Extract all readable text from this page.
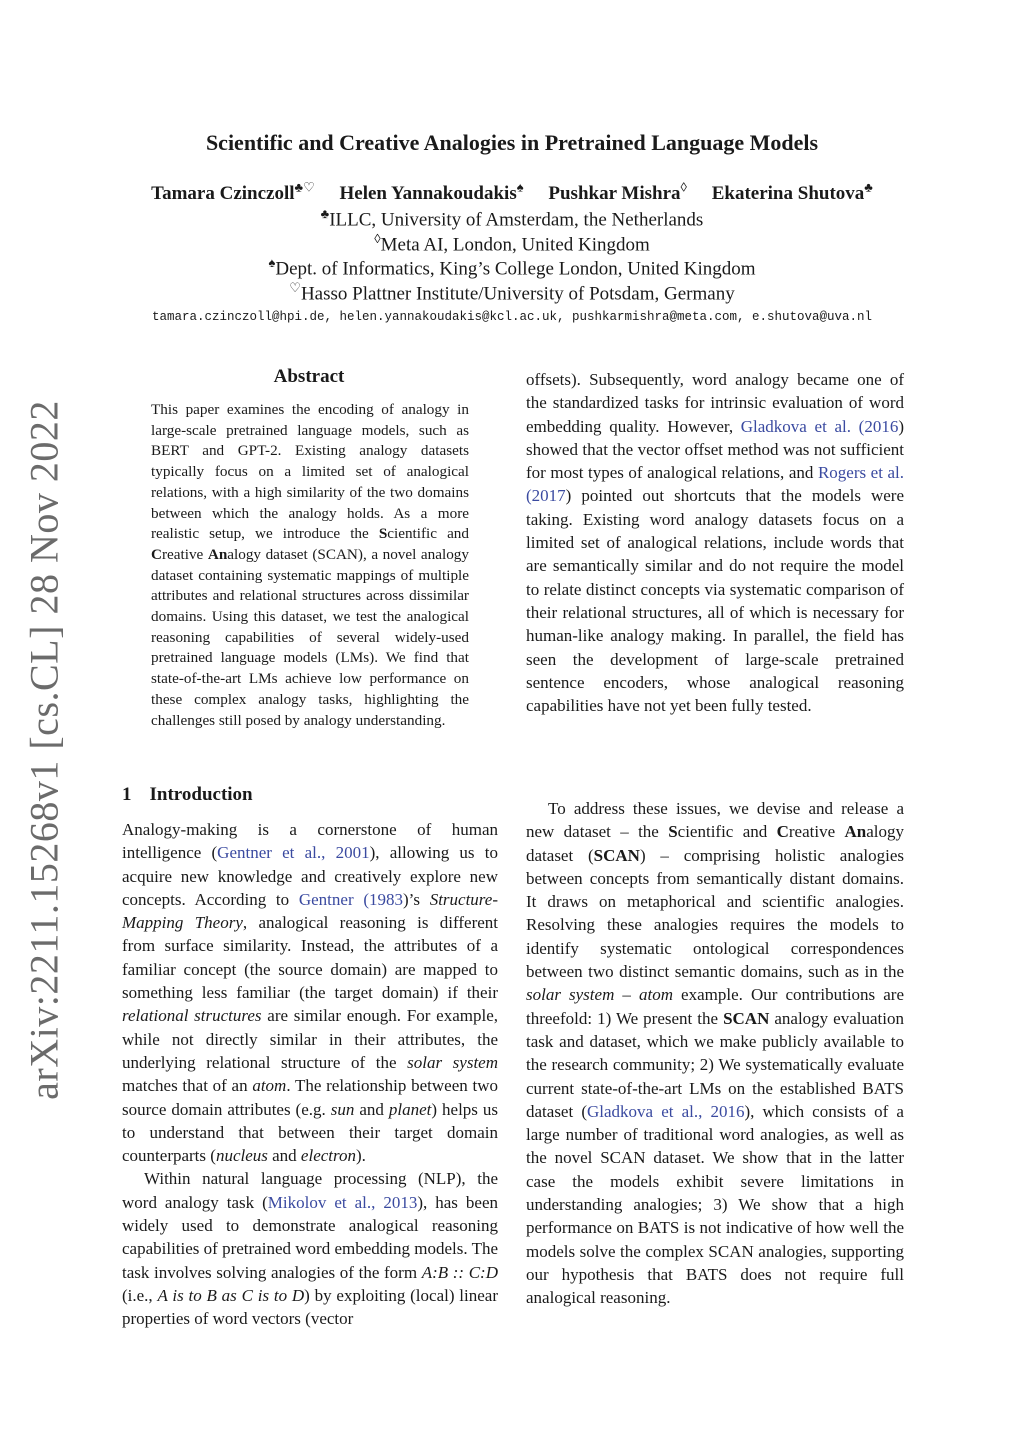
arXiv:2211.15268v1 [cs.CL] 28 Nov 2022
Scientific and Creative Analogies in Pretrained Language Models
Tamara Czinczoll♣♡ Helen Yannakoudakis♠ Pushkar Mishra◊ Ekaterina Shutova♣
♣ILLC, University of Amsterdam, the Netherlands
◊Meta AI, London, United Kingdom
♠Dept. of Informatics, King’s College London, United Kingdom
♡Hasso Plattner Institute/University of Potsdam, Germany
tamara.czinczoll@hpi.de, helen.yannakoudakis@kcl.ac.uk, pushkarmishra@meta.com, e.shutova@uva.nl
Abstract
This paper examines the encoding of analogy in large-scale pretrained language models, such as BERT and GPT-2. Existing analogy datasets typically focus on a limited set of analogical relations, with a high similarity of the two domains between which the analogy holds. As a more realistic setup, we introduce the Scientific and Creative Analogy dataset (SCAN), a novel analogy dataset containing systematic mappings of multiple attributes and relational structures across dissimilar domains. Using this dataset, we test the analogical reasoning capabilities of several widely-used pretrained language models (LMs). We find that state-of-the-art LMs achieve low performance on these complex analogy tasks, highlighting the challenges still posed by analogy understanding.
1 Introduction

Analogy-making is a cornerstone of human intelligence (Gentner et al., 2001), allowing us to acquire new knowledge and creatively explore new concepts. According to Gentner (1983)’s Structure-Mapping Theory, analogical reasoning is different from surface similarity. Instead, the attributes of a familiar concept (the source domain) are mapped to something less familiar (the target domain) if their relational structures are similar enough. For example, while not directly similar in their attributes, the underlying relational structure of the solar system matches that of an atom. The relationship between two source domain attributes (e.g. sun and planet) helps us to understand that between their target domain counterparts (nucleus and electron).

Within natural language processing (NLP), the word analogy task (Mikolov et al., 2013), has been widely used to demonstrate analogical reasoning capabilities of pretrained word embedding models. The task involves solving analogies of the form A:B :: C:D (i.e., A is to B as C is to D) by exploiting (local) linear properties of word vectors (vector

offsets). Subsequently, word analogy became one of the standardized tasks for intrinsic evaluation of word embedding quality. However, Gladkova et al. (2016) showed that the vector offset method was not sufficient for most types of analogical relations, and Rogers et al. (2017) pointed out shortcuts that the models were taking. Existing word analogy datasets focus on a limited set of analogical relations, include words that are semantically similar and do not require the model to relate distinct concepts via systematic comparison of their relational structures, all of which is necessary for human-like analogy making. In parallel, the field has seen the development of large-scale pretrained sentence encoders, whose analogical reasoning capabilities have not yet been fully tested.

To address these issues, we devise and release a new dataset – the Scientific and Creative Analogy dataset (SCAN) – comprising holistic analogies between concepts from semantically distant domains. It draws on metaphorical and scientific analogies. Resolving these analogies requires the models to identify systematic ontological correspondences between two distinct semantic domains, such as in the solar system – atom example. Our contributions are threefold: 1) We present the SCAN analogy evaluation task and dataset, which we make publicly available to the research community; 2) We systematically evaluate current state-of-the-art LMs on the established BATS dataset (Gladkova et al., 2016), which consists of a large number of traditional word analogies, as well as the novel SCAN dataset. We show that in the latter case the models exhibit severe limitations in understanding analogies; 3) We show that a high performance on BATS is not indicative of how well the models solve the complex SCAN analogies, supporting our hypothesis that BATS does not require full analogical reasoning.
